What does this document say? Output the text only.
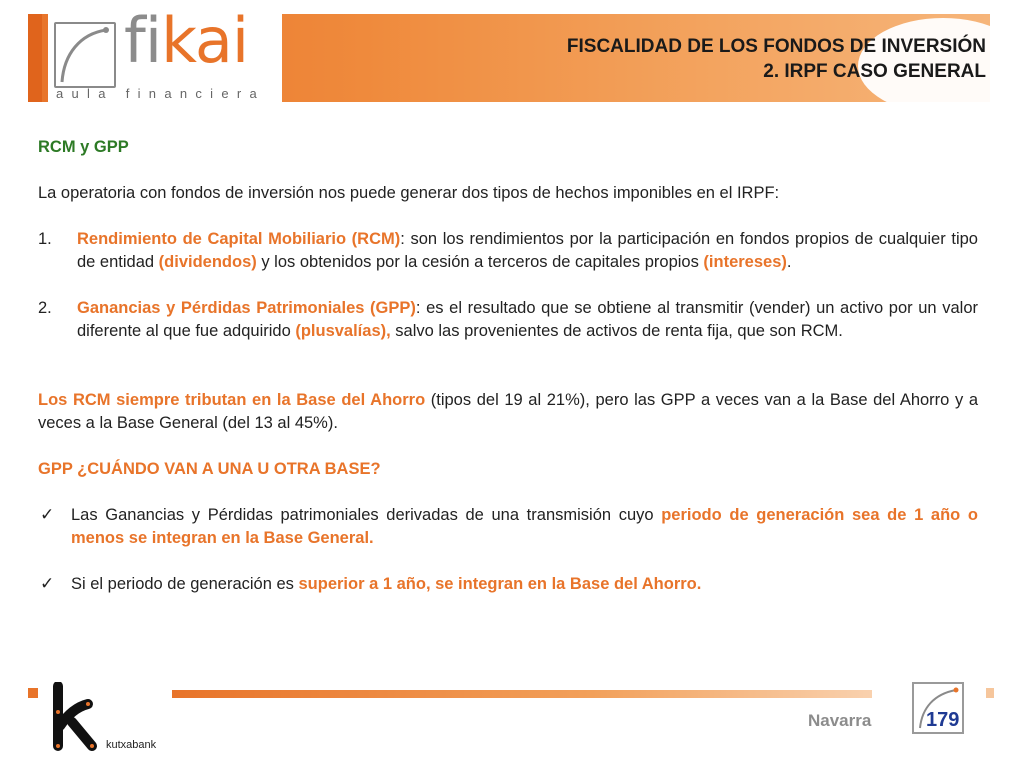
fikai
aula financiera
FISCALIDAD DE LOS FONDOS DE INVERSIÓN
2. IRPF CASO GENERAL

RCM y GPP

La operatoria con fondos de inversión nos puede generar dos tipos de hechos imponibles en el IRPF:

1. Rendimiento de Capital Mobiliario (RCM): son los rendimientos por la participación en fondos propios de cualquier tipo de entidad (dividendos) y los obtenidos por la cesión a terceros de capitales propios (intereses).
2. Ganancias y Pérdidas Patrimoniales (GPP): es el resultado que se obtiene al transmitir (vender) un activo por un valor diferente al que fue adquirido (plusvalías), salvo las provenientes de activos de renta fija, que son RCM.

Los RCM siempre tributan en la Base del Ahorro (tipos del 19 al 21%), pero las GPP a veces van a la Base del Ahorro y a veces a la Base General (del 13 al 45%).

GPP ¿CUÁNDO VAN A UNA U OTRA BASE?

✓ Las Ganancias y Pérdidas patrimoniales derivadas de una transmisión cuyo periodo de generación sea de 1 año o menos se integran en la Base General.
✓ Si el periodo de generación es superior a 1 año, se integran en la Base del Ahorro.
kutxabank
Navarra	179
